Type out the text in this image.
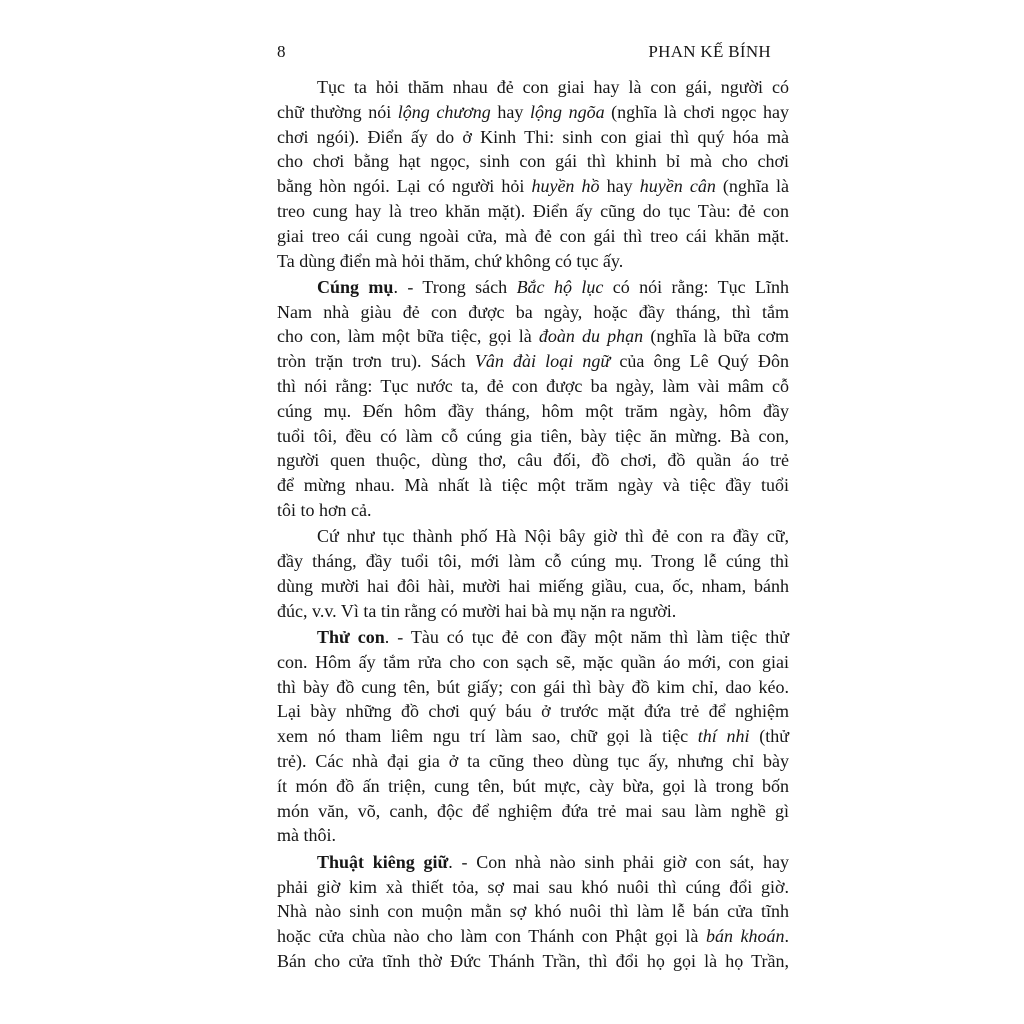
8	PHAN KẾ BÍNH
Tục ta hỏi thăm nhau đẻ con giai hay là con gái, người có
chữ thường nói lộng chương hay lộng ngõa (nghĩa là chơi ngọc hay
chơi ngói). Điển ấy do ở Kinh Thi: sinh con giai thì quý hóa mà
cho chơi bằng hạt ngọc, sinh con gái thì khinh bỉ mà cho chơi
bằng hòn ngói. Lại có người hỏi huyền hồ hay huyền cân (nghĩa là
treo cung hay là treo khăn mặt). Điển ấy cũng do tục Tàu: đẻ con
giai treo cái cung ngoài cửa, mà đẻ con gái thì treo cái khăn mặt.
Ta dùng điển mà hỏi thăm, chứ không có tục ấy.
Cúng mụ. - Trong sách Bắc hộ lục có nói rằng: Tục Lĩnh
Nam nhà giàu đẻ con được ba ngày, hoặc đầy tháng, thì tắm
cho con, làm một bữa tiệc, gọi là đoàn du phạn (nghĩa là bữa cơm
tròn trặn trơn tru). Sách Vân đài loại ngữ của ông Lê Quý Đôn
thì nói rằng: Tục nước ta, đẻ con được ba ngày, làm vài mâm cỗ
cúng mụ. Đến hôm đầy tháng, hôm một trăm ngày, hôm đầy
tuổi tôi, đều có làm cỗ cúng gia tiên, bày tiệc ăn mừng. Bà con,
người quen thuộc, dùng thơ, câu đối, đồ chơi, đồ quần áo trẻ
để mừng nhau. Mà nhất là tiệc một trăm ngày và tiệc đầy tuổi
tôi to hơn cả.
Cứ như tục thành phố Hà Nội bây giờ thì đẻ con ra đầy cữ,
đầy tháng, đầy tuổi tôi, mới làm cỗ cúng mụ. Trong lễ cúng thì
dùng mười hai đôi hài, mười hai miếng giầu, cua, ốc, nham, bánh
đúc, v.v. Vì ta tin rằng có mười hai bà mụ nặn ra người.
Thử con. - Tàu có tục đẻ con đầy một năm thì làm tiệc thử
con. Hôm ấy tắm rửa cho con sạch sẽ, mặc quần áo mới, con giai
thì bày đồ cung tên, bút giấy; con gái thì bày đồ kim chỉ, dao kéo.
Lại bày những đồ chơi quý báu ở trước mặt đứa trẻ để nghiệm
xem nó tham liêm ngu trí làm sao, chữ gọi là tiệc thí nhi (thử
trẻ). Các nhà đại gia ở ta cũng theo dùng tục ấy, nhưng chỉ bày
ít món đồ ấn triện, cung tên, bút mực, cày bừa, gọi là trong bốn
món văn, võ, canh, độc để nghiệm đứa trẻ mai sau làm nghề gì
mà thôi.
Thuật kiêng giữ. - Con nhà nào sinh phải giờ con sát, hay
phải giờ kim xà thiết tỏa, sợ mai sau khó nuôi thì cúng đổi giờ.
Nhà nào sinh con muộn mằn sợ khó nuôi thì làm lễ bán cửa tĩnh
hoặc cửa chùa nào cho làm con Thánh con Phật gọi là bán khoán.
Bán cho cửa tĩnh thờ Đức Thánh Trần, thì đổi họ gọi là họ Trần,
